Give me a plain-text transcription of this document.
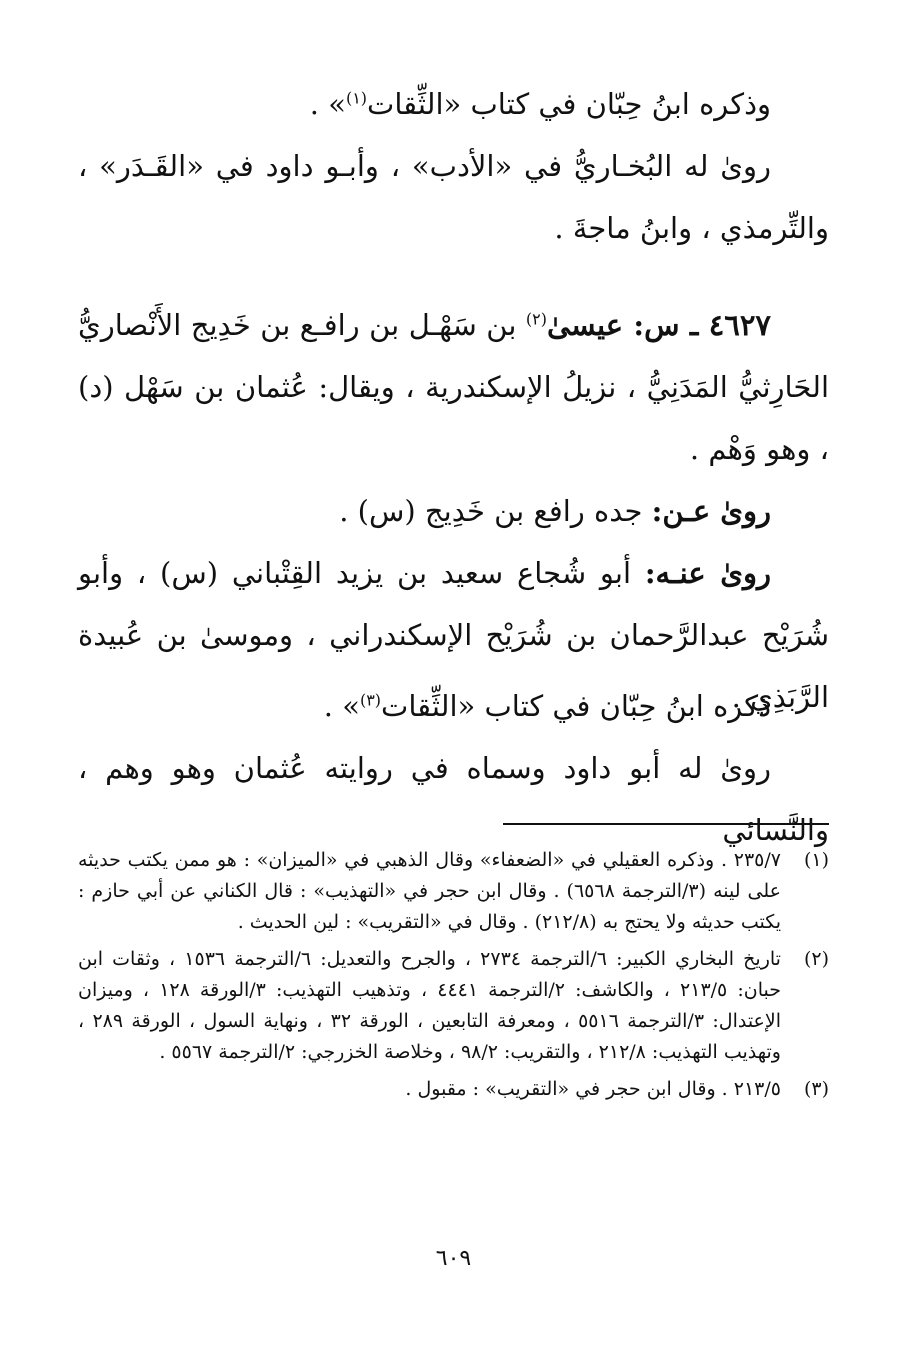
وذكره ابنُ حِبّان في كتاب «الثِّقات$^{(١)}$» .

روىٰ له البُخـاريُّ في «الأدب» ، وأبـو داود في «القَـدَر» ، والتِّرمذي ، وابنُ ماجةَ .

٤٦٢٧ ـ س: عيسىٰ$^{(٢)}$ بن سَهْـل بن رافـع بن خَدِيج الأَنْصاريُّ الحَارِثيُّ المَدَنِيُّ ، نزيلُ الإسكندرية ، ويقال: عُثمان بن سَهْل (د) ، وهو وَهْم .

روىٰ عـن: جده رافع بن خَدِيج (س) .

روىٰ عنـه: أبو شُجاع سعيد بن يزيد القِتْباني (س) ، وأبو شُرَيْح عبدالرَّحمان بن شُرَيْح الإسكندراني ، وموسىٰ بن عُبيدة الرَّبَذِي .

ذكره ابنُ حِبّان في كتاب «الثِّقات$^{(٣)}$» .

روىٰ له أبو داود وسماه في روايته عُثمان وهو وهم ، والنَّسائي

(١)
٢٣٥/٧ . وذكره العقيلي في «الضعفاء» وقال الذهبي في «الميزان» : هو ممن يكتب حديثه على لينه (٣/الترجمة ٦٥٦٨) . وقال ابن حجر في «التهذيب» : قال الكناني عن أبي حازم : يكتب حديثه ولا يحتج به (٢١٢/٨) . وقال في «التقريب» : لين الحديث .
(٢)
تاريخ البخاري الكبير: ٦/الترجمة ٢٧٣٤ ، والجرح والتعديل: ٦/الترجمة ١٥٣٦ ، وثقات ابن حبان: ٢١٣/٥ ، والكاشف: ٢/الترجمة ٤٤٤١ ، وتذهيب التهذيب: ٣/الورقة ١٢٨ ، وميزان الإعتدال: ٣/الترجمة ٥٥١٦ ، ومعرفة التابعين ، الورقة ٣٢ ، ونهاية السول ، الورقة ٢٨٩ ، وتهذيب التهذيب: ٢١٢/٨ ، والتقريب: ٩٨/٢ ، وخلاصة الخزرجي: ٢/الترجمة ٥٥٦٧ .
(٣)
٢١٣/٥ . وقال ابن حجر في «التقريب» : مقبول .
٦٠٩
